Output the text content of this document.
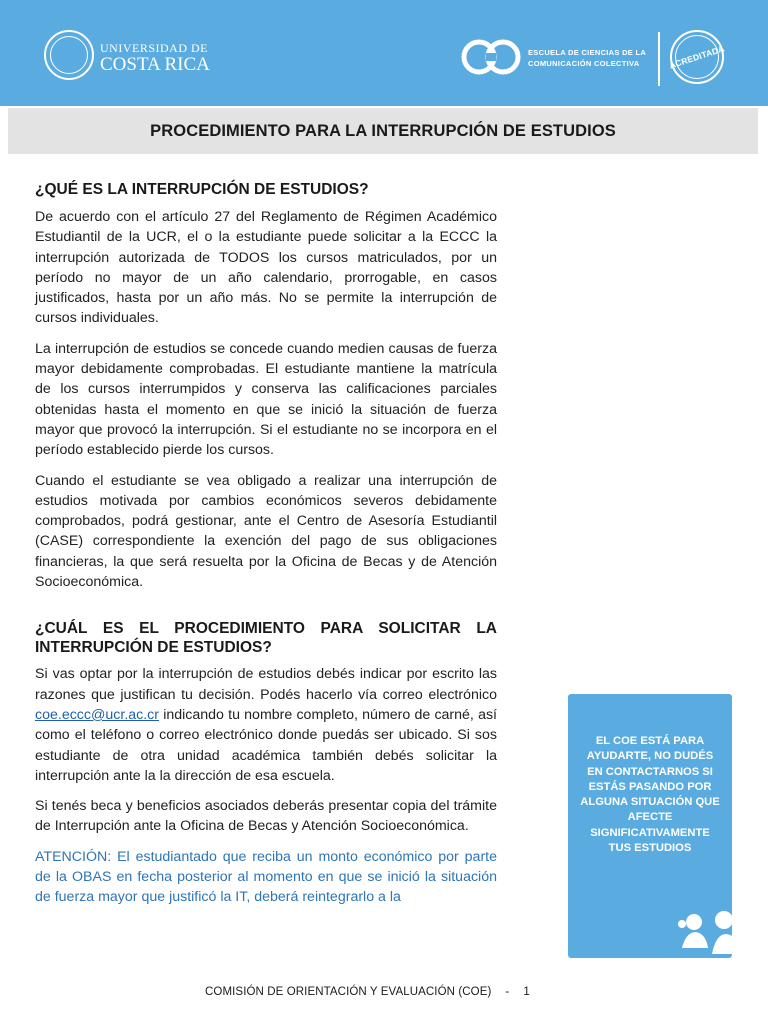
UNIVERSIDAD DE
COSTA RICA
ESCUELA DE CIENCIAS DE LA
COMUNICACIÓN COLECTIVA	ACREDITADA
PROCEDIMIENTO PARA LA INTERRUPCIÓN DE ESTUDIOS
¿QUÉ ES LA INTERRUPCIÓN DE ESTUDIOS?

De acuerdo con el artículo 27 del Reglamento de Régimen Académico Estudiantil de la UCR, el o la estudiante puede solicitar a la ECCC la interrupción autorizada de TODOS los cursos matriculados, por un período no mayor de un año calendario, prorrogable, en casos justificados, hasta por un año más. No se permite la interrupción de cursos individuales.

La interrupción de estudios se concede cuando medien causas de fuerza mayor debidamente comprobadas. El estudiante mantiene la matrícula de los cursos interrumpidos y conserva las calificaciones parciales obtenidas hasta el momento en que se inició la situación de fuerza mayor que provocó la interrupción. Si el estudiante no se incorpora en el período establecido pierde los cursos.

Cuando el estudiante se vea obligado a realizar una interrupción de estudios motivada por cambios económicos severos debidamente comprobados, podrá gestionar, ante el Centro de Asesoría Estudiantil (CASE) correspondiente la exención del pago de sus obligaciones financieras, la que será resuelta por la Oficina de Becas y de Atención Socioeconómica.

¿CUÁL ES EL PROCEDIMIENTO PARA SOLICITAR LA INTERRUPCIÓN DE ESTUDIOS?

Si vas optar por la interrupción de estudios debés indicar por escrito las razones que justifican tu decisión. Podés hacerlo vía correo electrónico coe.eccc@ucr.ac.cr indicando tu nombre completo, número de carné, así como el teléfono o correo electrónico donde puedás ser ubicado. Si sos estudiante de otra unidad académica también debés solicitar la interrupción ante la la dirección de esa escuela.

Si tenés beca y beneficios asociados deberás presentar copia del trámite de Interrupción ante la Oficina de Becas y Atención Socioeconómica.

ATENCIÓN: El estudiantado que reciba un monto económico por parte de la OBAS en fecha posterior al momento en que se inició la situación de fuerza mayor que justificó la IT, deberá reintegrarlo a la

EL COE ESTÁ PARA AYUDARTE, NO DUDÉS EN CONTACTARNOS SI ESTÁS PASANDO POR ALGUNA SITUACIÓN QUE AFECTE SIGNIFICATIVAMENTE TUS ESTUDIOS
COMISIÓN DE ORIENTACIÓN Y EVALUACIÓN (COE) - 1
